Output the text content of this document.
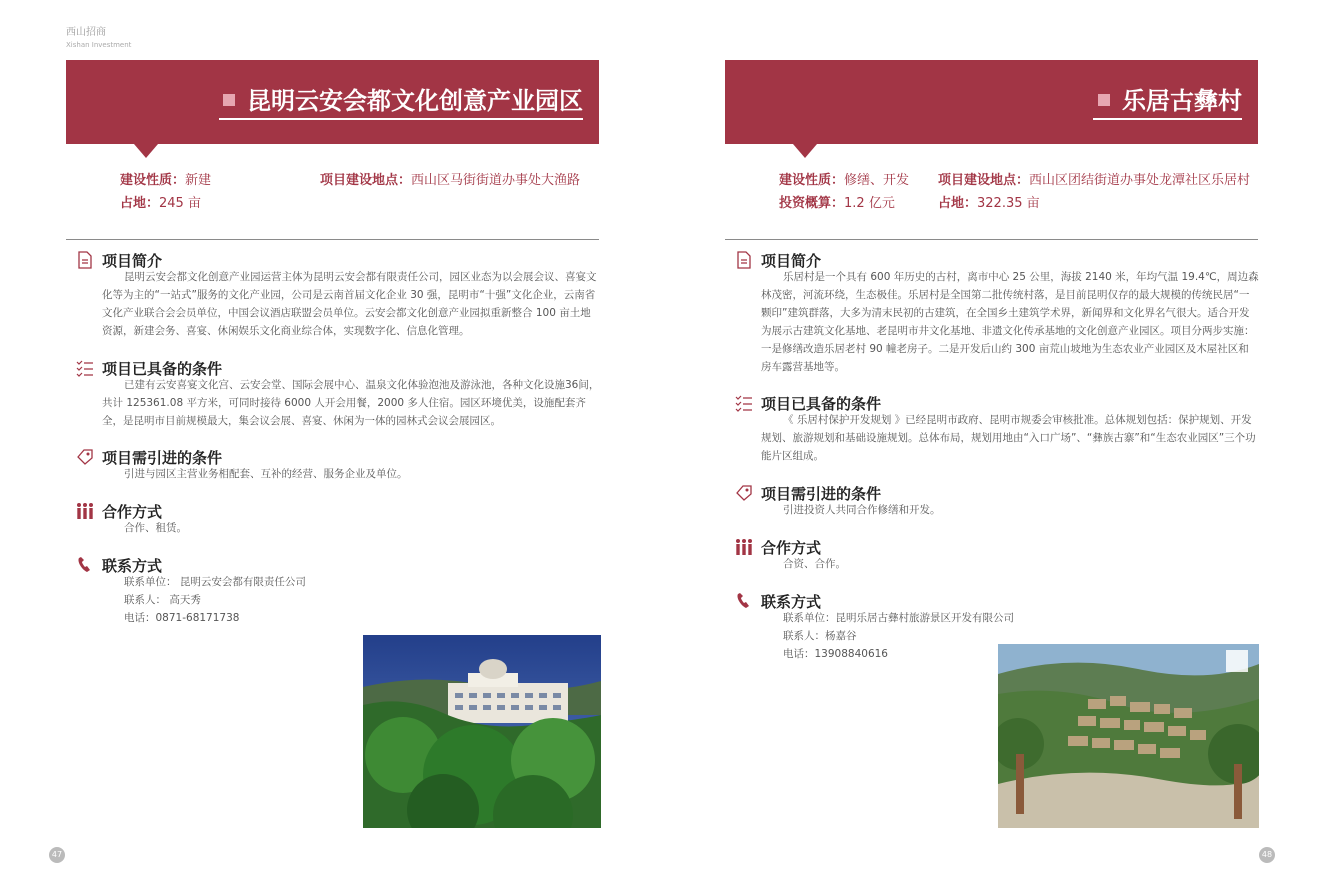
西山招商
Xishan Investment
昆明云安会都文化创意产业园区
建设性质：新建	项目建设地点：西山区马街街道办事处大渔路
占地：245 亩
项目简介
昆明云安会都文化创意产业园运营主体为昆明云安会都有限责任公司，园区业态为以会展会议、喜宴文化等为主的“一站式”服务的文化产业园，公司是云南首届文化企业 30 强，昆明市“十强”文化企业，云南省文化产业联合会会员单位，中国会议酒店联盟会员单位。云安会都文化创意产业园拟重新整合 100 亩土地资源，新建会务、喜宴、休闲娱乐文化商业综合体，实现数字化、信息化管理。
项目已具备的条件
已建有云安喜宴文化宫、云安会堂、国际会展中心、温泉文化体验泡池及游泳池，各种文化设施36间，共计 125361.08 平方米，可同时接待 6000 人开会用餐，2000 多人住宿。园区环境优美，设施配套齐全，是昆明市目前规模最大，集会议会展、喜宴、休闲为一体的园林式会议会展园区。
项目需引进的条件
引进与园区主营业务相配套、互补的经营、服务企业及单位。
合作方式
合作、租赁。
联系方式
联系单位： 昆明云安会都有限责任公司
联系人： 高天秀
电话：0871-68171738
47
乐居古彝村
建设性质：修缮、开发 项目建设地点：西山区团结街道办事处龙潭社区乐居村
投资概算：1.2 亿元	占地：322.35 亩
项目简介
乐居村是一个具有 600 年历史的古村，离市中心 25 公里，海拔 2140 米，年均气温 19.4℃，周边森林茂密，河流环绕，生态极佳。乐居村是全国第二批传统村落，是目前昆明仅存的最大规模的传统民居“一颗印”建筑群落，大多为清末民初的古建筑，在全国乡土建筑学术界，新闻界和文化界名气很大。适合开发为展示古建筑文化基地、老昆明市井文化基地、非遗文化传承基地的文化创意产业园区。项目分两步实施：一是修缮改造乐居老村 90 幢老房子。二是开发后山约 300 亩荒山坡地为生态农业产业园区及木屋社区和房车露营基地等。
项目已具备的条件
《 乐居村保护开发规划 》已经昆明市政府、昆明市规委会审核批准。总体规划包括：保护规划、开发规划、旅游规划和基础设施规划。总体布局，规划用地由“入口广场”、“彝族古寨”和“生态农业园区”三个功能片区组成。
项目需引进的条件
引进投资人共同合作修缮和开发。
合作方式
合资、合作。
联系方式
联系单位：昆明乐居古彝村旅游景区开发有限公司
联系人：杨嘉谷
电话：13908840616
48
